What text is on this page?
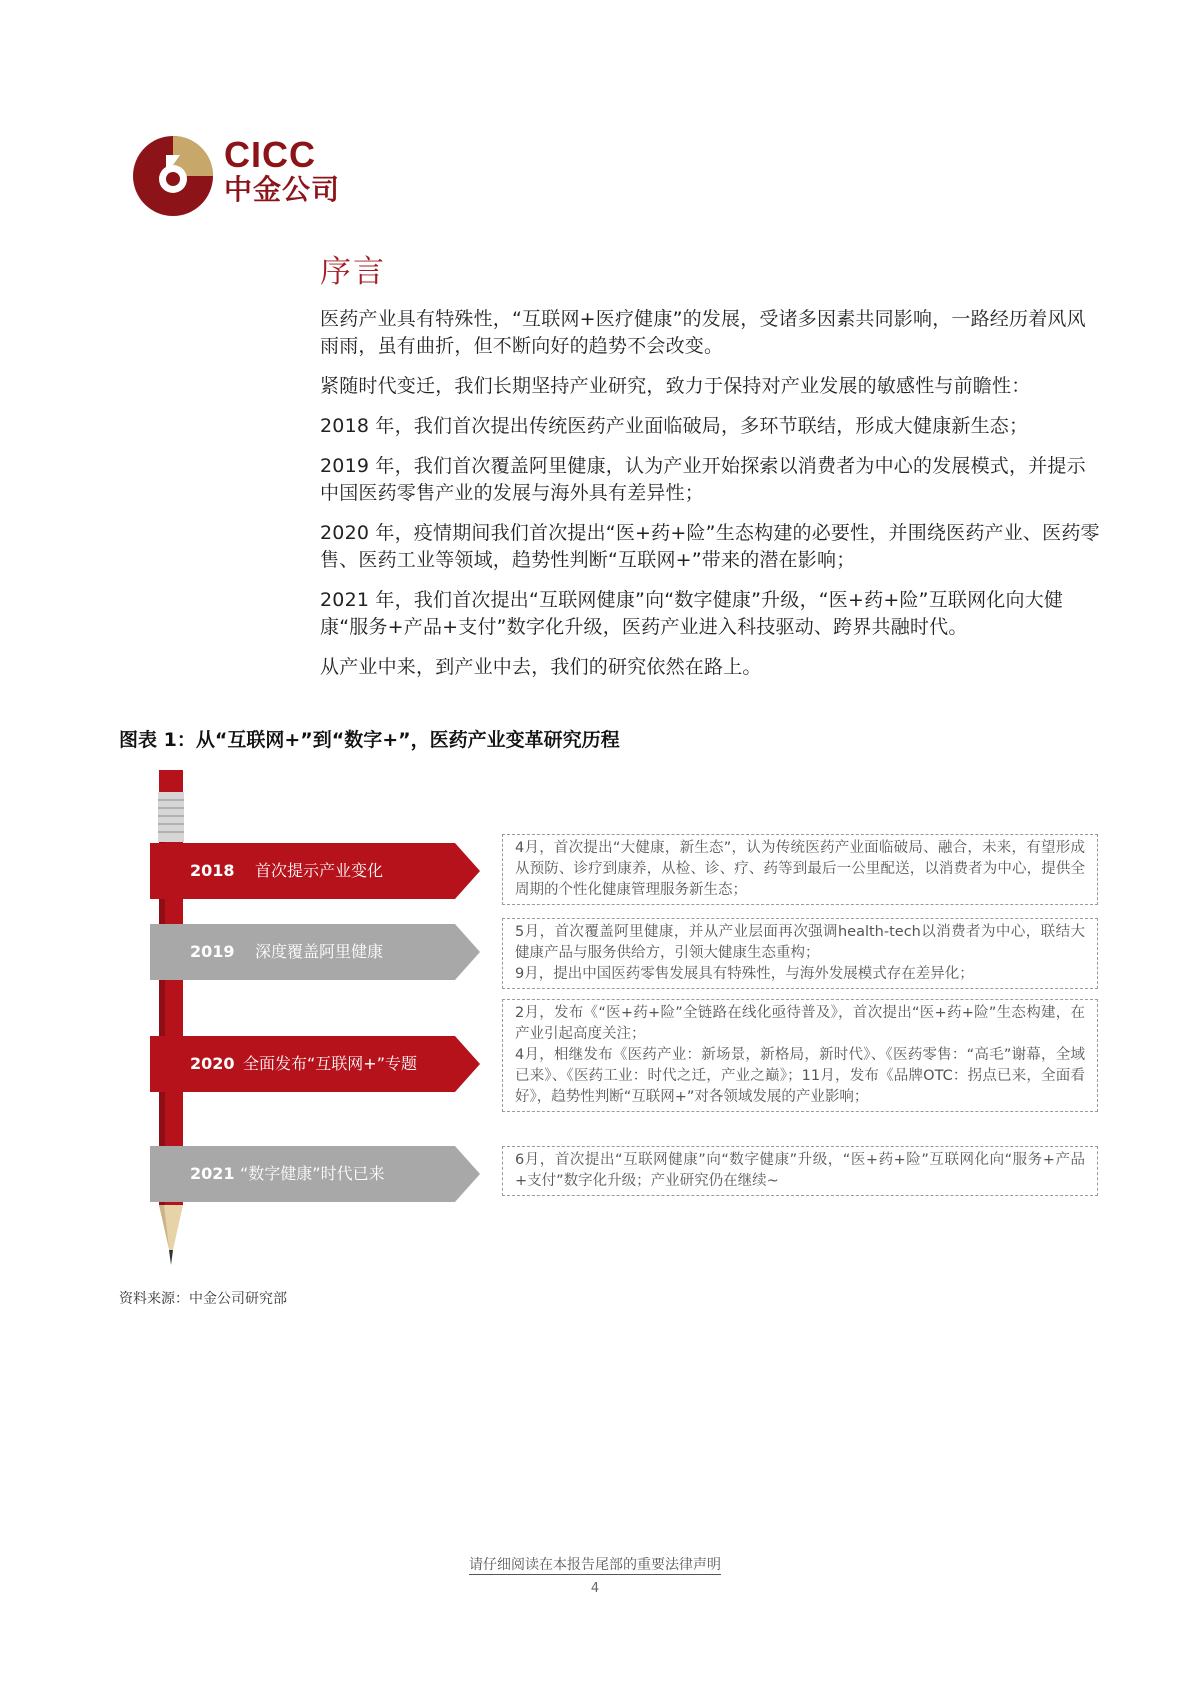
CICC
中金公司
序言

医药产业具有特殊性，“互联网+医疗健康”的发展，受诸多因素共同影响，一路经历着风风雨雨，虽有曲折，但不断向好的趋势不会改变。

紧随时代变迁，我们长期坚持产业研究，致力于保持对产业发展的敏感性与前瞻性：

2018 年，我们首次提出传统医药产业面临破局，多环节联结，形成大健康新生态；

2019 年，我们首次覆盖阿里健康，认为产业开始探索以消费者为中心的发展模式，并提示中国医药零售产业的发展与海外具有差异性；

2020 年，疫情期间我们首次提出“医+药+险”生态构建的必要性，并围绕医药产业、医药零售、医药工业等领域，趋势性判断“互联网+”带来的潜在影响；

2021 年，我们首次提出“互联网健康”向“数字健康”升级，“医+药+险”互联网化向大健康“服务+产品+支付”数字化升级，医药产业进入科技驱动、跨界共融时代。

从产业中来，到产业中去，我们的研究依然在路上。

图表 1：从“互联网+”到“数字+”，医药产业变革研究历程
2018 首次提示产业变化

4月，首次提出“大健康，新生态”，认为传统医药产业面临破局、融合，未来，有望形成从预防、诊疗到康养，从检、诊、疗、药等到最后一公里配送，以消费者为中心，提供全周期的个性化健康管理服务新生态；

2019 深度覆盖阿里健康

5月，首次覆盖阿里健康，并从产业层面再次强调health-tech以消费者为中心，联结大健康产品与服务供给方，引领大健康生态重构；

9月，提出中国医药零售发展具有特殊性，与海外发展模式存在差异化；

2020 全面发布“互联网+”专题

2月，发布《“医+药+险”全链路在线化亟待普及》，首次提出“医+药+险”生态构建，在产业引起高度关注；

4月，相继发布《医药产业：新场景，新格局，新时代》、《医药零售：“高毛”谢幕，全域已来》、《医药工业：时代之迁，产业之巅》；11月，发布《品牌OTC：拐点已来，全面看好》，趋势性判断“互联网+”对各领域发展的产业影响；

2021 “数字健康”时代已来

6月，首次提出“互联网健康”向“数字健康”升级，“医+药+险”互联网化向“服务+产品+支付”数字化升级；产业研究仍在继续~

资料来源：中金公司研究部
请仔细阅读在本报告尾部的重要法律声明
4
